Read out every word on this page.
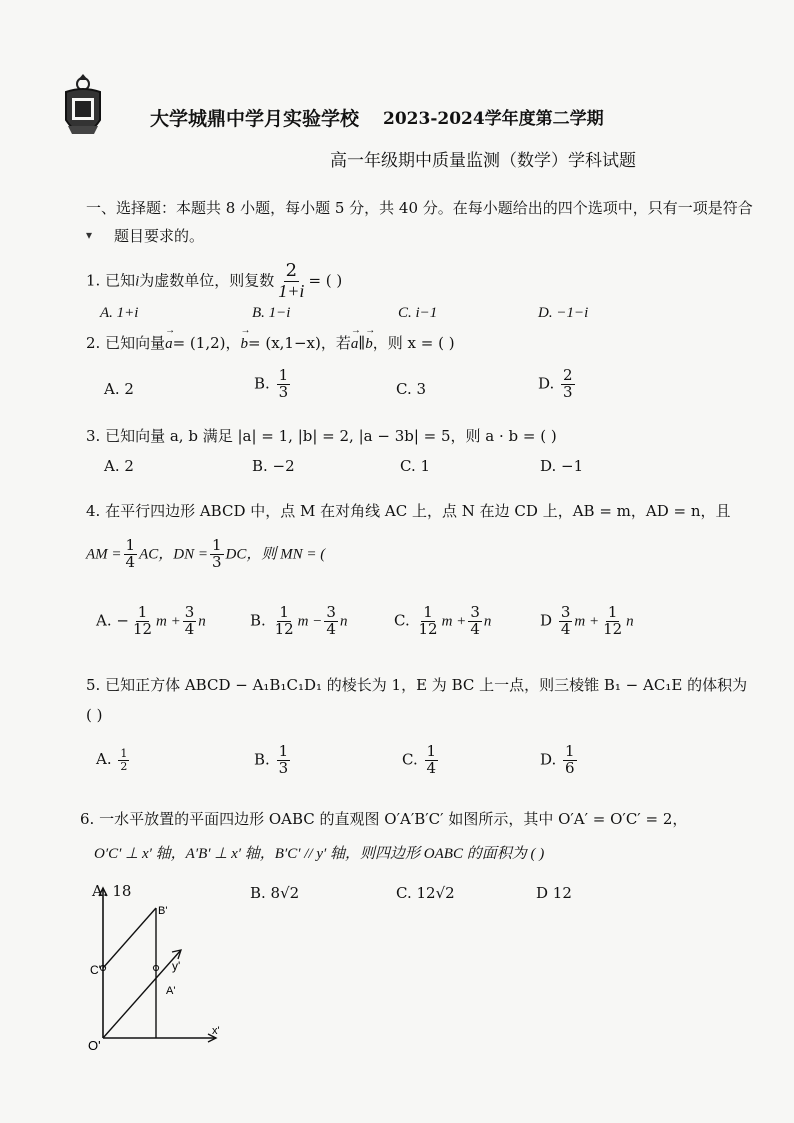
大学城鼎中学月实验学校 2023-2024学年度第二学期
高一年级期中质量监测（数学）学科试题
一、选择题：本题共 8 小题，每小题 5 分，共 40 分。在每小题给出的四个选项中，只有一项是符合
题目要求的。
▾
1. 已知i为虚数单位，则复数 $\frac{2}{1+i}$ = ( )
A. 1+i	B. 1−i	C. i−1	D. −1−i
2. 已知向量→ a= (1,2)，→ b= (x,1−x)，若→ a∥→ b，则 x = ( )
A. 2	B. $\frac{1}{3}$	C. 3	D. $\frac{2}{3}$
3. 已知向量 a, b 满足 |a| = 1, |b| = 2, |a − 3b| = 5，则 a · b = ( )
A. 2	B. −2	C. 1	D. −1
4. 在平行四边形 ABCD 中，点 M 在对角线 AC 上，点 N 在边 CD 上，AB = m，AD = n，且
AM = $\frac{1}{4}$ AC，DN = $\frac{1}{3}$ DC，则 MN = (
A. − $\frac{1}{12}$ $m + \frac{3}{4}$ n	B. $\frac{1}{12}$ $m - \frac{3}{4}$ n	C. $\frac{1}{12}$ $m + \frac{3}{4}$ n	D $\frac{3}{4}$ $m + \frac{1}{12}$ n
5. 已知正方体 ABCD − A₁B₁C₁D₁ 的棱长为 1，E 为 BC 上一点，则三棱锥 B₁ − AC₁E 的体积为
( )
A. $\frac{1}{2}$	B. $\frac{1}{3}$	C. $\frac{1}{4}$	D. $\frac{1}{6}$
6. 一水平放置的平面四边形 OABC 的直观图 O′A′B′C′ 如图所示，其中 O′A′ = O′C′ = 2，
O′C′ ⊥ x′ 轴，A′B′ ⊥ x′ 轴，B′C′ // y′ 轴，则四边形 OABC 的面积为 ( )
A. 18	B. 8√2	C. 12√2	D 12
B'
C'	y'
A'
O'
x'
